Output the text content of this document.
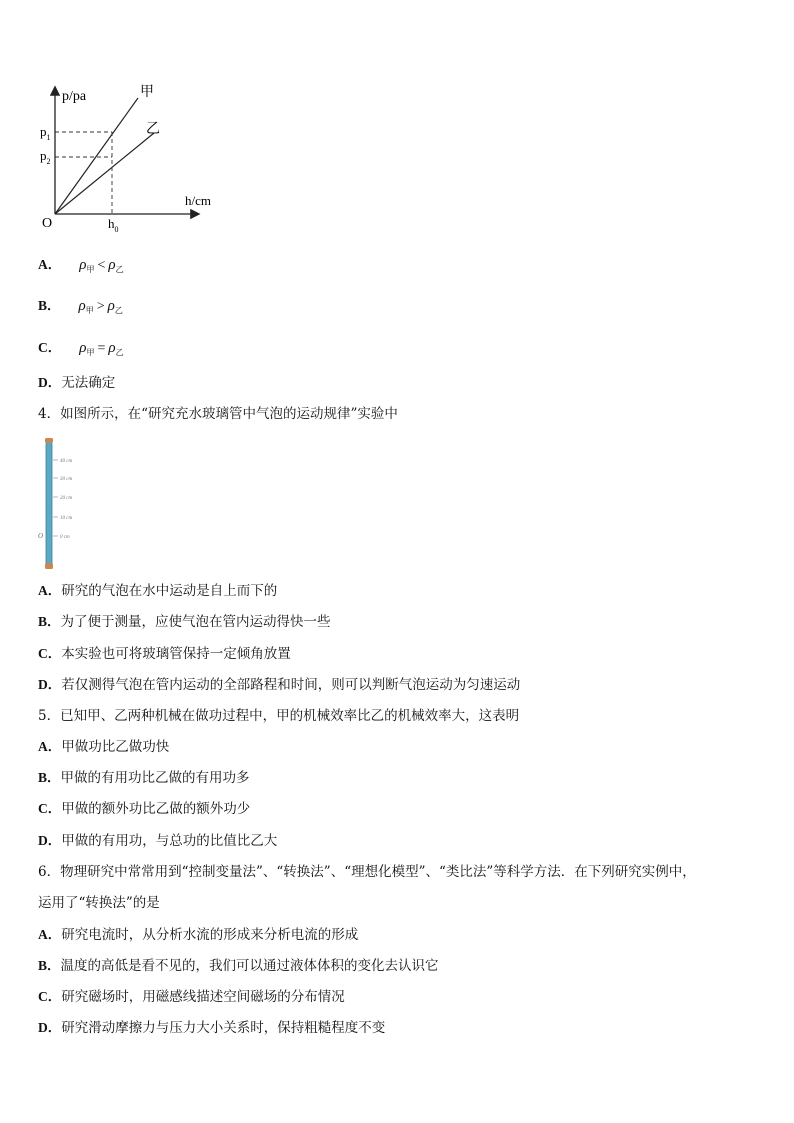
p/pa
h/cm
O
$p_1$
$p_2$
$h_0$
甲
乙
A． $\rho_甲 < \rho_乙$
B． $\rho_甲 > \rho_乙$
C． $\rho_甲 = \rho_乙$
D．无法确定
4．如图所示，在“研究充水玻璃管中气泡的运动规律”实验中
40 cm
30 cm
20 cm
10 cm
0 cm
O
A．研究的气泡在水中运动是自上而下的
B．为了便于测量，应使气泡在管内运动得快一些
C．本实验也可将玻璃管保持一定倾角放置
D．若仅测得气泡在管内运动的全部路程和时间，则可以判断气泡运动为匀速运动
5．已知甲、乙两种机械在做功过程中，甲的机械效率比乙的机械效率大，这表明
A．甲做功比乙做功快
B．甲做的有用功比乙做的有用功多
C．甲做的额外功比乙做的额外功少
D．甲做的有用功，与总功的比值比乙大
6．物理研究中常常用到“控制变量法”、“转换法”、“理想化模型”、“类比法”等科学方法．在下列研究实例中，
运用了“转换法”的是
A．研究电流时，从分析水流的形成来分析电流的形成
B．温度的高低是看不见的，我们可以通过液体体积的变化去认识它
C．研究磁场时，用磁感线描述空间磁场的分布情况
D．研究滑动摩擦力与压力大小关系时，保持粗糙程度不变
